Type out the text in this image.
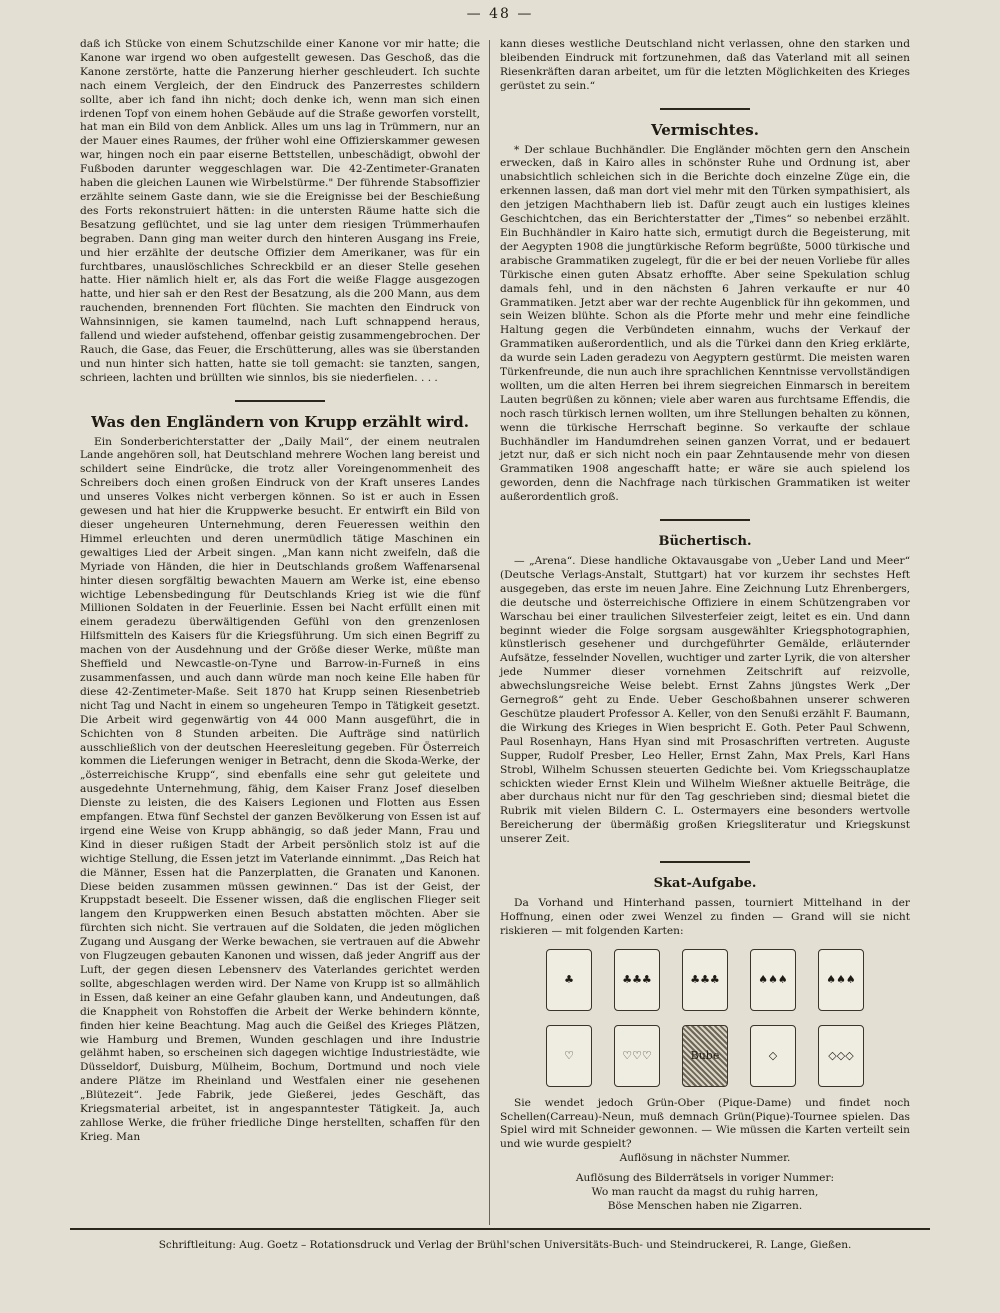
— 48 —

daß ich Stücke von einem Schutzschilde einer Kanone vor mir hatte; die Kanone war irgend wo oben aufgestellt gewesen. Das Geschoß, das die Kanone zerstörte, hatte die Panzerung hierher geschleudert. Ich suchte nach einem Vergleich, der den Eindruck des Panzerrestes schildern sollte, aber ich fand ihn nicht; doch denke ich, wenn man sich einen irdenen Topf von einem hohen Gebäude auf die Straße geworfen vorstellt, hat man ein Bild von dem Anblick. Alles um uns lag in Trümmern, nur an der Mauer eines Raumes, der früher wohl eine Offizierskammer gewesen war, hingen noch ein paar eiserne Bettstellen, unbeschädigt, obwohl der Fußboden darunter weggeschlagen war. Die 42-Zentimeter-Granaten haben die gleichen Launen wie Wirbelstürme." Der führende Stabsoffizier erzählte seinem Gaste dann, wie sie die Ereignisse bei der Beschießung des Forts rekonstruiert hätten: in die untersten Räume hatte sich die Besatzung geflüchtet, und sie lag unter dem riesigen Trümmerhaufen begraben. Dann ging man weiter durch den hinteren Ausgang ins Freie, und hier erzählte der deutsche Offizier dem Amerikaner, was für ein furchtbares, unauslöschliches Schreckbild er an dieser Stelle gesehen hatte. Hier nämlich hielt er, als das Fort die weiße Flagge ausgezogen hatte, und hier sah er den Rest der Besatzung, als die 200 Mann, aus dem rauchenden, brennenden Fort flüchten. Sie machten den Eindruck von Wahnsinnigen, sie kamen taumelnd, nach Luft schnappend heraus, fallend und wieder aufstehend, offenbar geistig zusammengebrochen. Der Rauch, die Gase, das Feuer, die Erschütterung, alles was sie überstanden und nun hinter sich hatten, hatte sie toll gemacht: sie tanzten, sangen, schrieen, lachten und brüllten wie sinnlos, bis sie niederfielen. . . .

Was den Engländern von Krupp erzählt wird.

Ein Sonderberichterstatter der „Daily Mail“, der einem neutralen Lande angehören soll, hat Deutschland mehrere Wochen lang bereist und schildert seine Eindrücke, die trotz aller Voreingenommenheit des Schreibers doch einen großen Eindruck von der Kraft unseres Landes und unseres Volkes nicht verbergen können. So ist er auch in Essen gewesen und hat hier die Kruppwerke besucht. Er entwirft ein Bild von dieser ungeheuren Unternehmung, deren Feueressen weithin den Himmel erleuchten und deren unermüdlich tätige Maschinen ein gewaltiges Lied der Arbeit singen. „Man kann nicht zweifeln, daß die Myriade von Händen, die hier in Deutschlands großem Waffenarsenal hinter diesen sorgfältig bewachten Mauern am Werke ist, eine ebenso wichtige Lebensbedingung für Deutschlands Krieg ist wie die fünf Millionen Soldaten in der Feuerlinie. Essen bei Nacht erfüllt einen mit einem geradezu überwältigenden Gefühl von den grenzenlosen Hilfsmitteln des Kaisers für die Kriegsführung. Um sich einen Begriff zu machen von der Ausdehnung und der Größe dieser Werke, müßte man Sheffield und Newcastle-on-Tyne und Barrow-in-Furneß in eins zusammenfassen, und auch dann würde man noch keine Elle haben für diese 42-Zentimeter-Maße. Seit 1870 hat Krupp seinen Riesenbetrieb nicht Tag und Nacht in einem so ungeheuren Tempo in Tätigkeit gesetzt. Die Arbeit wird gegenwärtig von 44 000 Mann ausgeführt, die in Schichten von 8 Stunden arbeiten. Die Aufträge sind natürlich ausschließlich von der deutschen Heeresleitung gegeben. Für Österreich kommen die Lieferungen weniger in Betracht, denn die Skoda-Werke, der „österreichische Krupp“, sind ebenfalls eine sehr gut geleitete und ausgedehnte Unternehmung, fähig, dem Kaiser Franz Josef dieselben Dienste zu leisten, die des Kaisers Legionen und Flotten aus Essen empfangen. Etwa fünf Sechstel der ganzen Bevölkerung von Essen ist auf irgend eine Weise von Krupp abhängig, so daß jeder Mann, Frau und Kind in dieser rußigen Stadt der Arbeit persönlich stolz ist auf die wichtige Stellung, die Essen jetzt im Vaterlande einnimmt. „Das Reich hat die Männer, Essen hat die Panzerplatten, die Granaten und Kanonen. Diese beiden zusammen müssen gewinnen.“ Das ist der Geist, der Kruppstadt beseelt. Die Essener wissen, daß die englischen Flieger seit langem den Kruppwerken einen Besuch abstatten möchten. Aber sie fürchten sich nicht. Sie vertrauen auf die Soldaten, die jeden möglichen Zugang und Ausgang der Werke bewachen, sie vertrauen auf die Abwehr von Flugzeugen gebauten Kanonen und wissen, daß jeder Angriff aus der Luft, der gegen diesen Lebensnerv des Vaterlandes gerichtet werden sollte, abgeschlagen werden wird. Der Name von Krupp ist so allmählich in Essen, daß keiner an eine Gefahr glauben kann, und Andeutungen, daß die Knappheit von Rohstoffen die Arbeit der Werke behindern könnte, finden hier keine Beachtung. Mag auch die Geißel des Krieges Plätzen, wie Hamburg und Bremen, Wunden geschlagen und ihre Industrie gelähmt haben, so erscheinen sich dagegen wichtige Industriestädte, wie Düsseldorf, Duisburg, Mülheim, Bochum, Dortmund und noch viele andere Plätze im Rheinland und Westfalen einer nie gesehenen „Blütezeit“. Jede Fabrik, jede Gießerei, jedes Geschäft, das Kriegsmaterial arbeitet, ist in angespanntester Tätigkeit. Ja, auch zahllose Werke, die früher friedliche Dinge herstellten, schaffen für den Krieg. Man

kann dieses westliche Deutschland nicht verlassen, ohne den starken und bleibenden Eindruck mit fortzunehmen, daß das Vaterland mit all seinen Riesenkräften daran arbeitet, um für die letzten Möglichkeiten des Krieges gerüstet zu sein.“

Vermischtes.

* Der schlaue Buchhändler. Die Engländer möchten gern den Anschein erwecken, daß in Kairo alles in schönster Ruhe und Ordnung ist, aber unabsichtlich schleichen sich in die Berichte doch einzelne Züge ein, die erkennen lassen, daß man dort viel mehr mit den Türken sympathisiert, als den jetzigen Machthabern lieb ist. Dafür zeugt auch ein lustiges kleines Geschichtchen, das ein Berichterstatter der „Times“ so nebenbei erzählt. Ein Buchhändler in Kairo hatte sich, ermutigt durch die Begeisterung, mit der Aegypten 1908 die jungtürkische Reform begrüßte, 5000 türkische und arabische Grammatiken zugelegt, für die er bei der neuen Vorliebe für alles Türkische einen guten Absatz erhoffte. Aber seine Spekulation schlug damals fehl, und in den nächsten 6 Jahren verkaufte er nur 40 Grammatiken. Jetzt aber war der rechte Augenblick für ihn gekommen, und sein Weizen blühte. Schon als die Pforte mehr und mehr eine feindliche Haltung gegen die Verbündeten einnahm, wuchs der Verkauf der Grammatiken außerordentlich, und als die Türkei dann den Krieg erklärte, da wurde sein Laden geradezu von Aegyptern gestürmt. Die meisten waren Türkenfreunde, die nun auch ihre sprachlichen Kenntnisse vervollständigen wollten, um die alten Herren bei ihrem siegreichen Einmarsch in bereitem Lauten begrüßen zu können; viele aber waren aus furchtsame Effendis, die noch rasch türkisch lernen wollten, um ihre Stellungen behalten zu können, wenn die türkische Herrschaft beginne. So verkaufte der schlaue Buchhändler im Handumdrehen seinen ganzen Vorrat, und er bedauert jetzt nur, daß er sich nicht noch ein paar Zehntausende mehr von diesen Grammatiken 1908 angeschafft hatte; er wäre sie auch spielend los geworden, denn die Nachfrage nach türkischen Grammatiken ist weiter außerordentlich groß.

Büchertisch.

— „Arena“. Diese handliche Oktavausgabe von „Ueber Land und Meer“ (Deutsche Verlags-Anstalt, Stuttgart) hat vor kurzem ihr sechstes Heft ausgegeben, das erste im neuen Jahre. Eine Zeichnung Lutz Ehrenbergers, die deutsche und österreichische Offiziere in einem Schützengraben vor Warschau bei einer traulichen Silvesterfeier zeigt, leitet es ein. Und dann beginnt wieder die Folge sorgsam ausgewählter Kriegsphotographien, künstlerisch gesehener und durchgeführter Gemälde, erläuternder Aufsätze, fesselnder Novellen, wuchtiger und zarter Lyrik, die von altersher jede Nummer dieser vornehmen Zeitschrift auf reizvolle, abwechslungsreiche Weise belebt. Ernst Zahns jüngstes Werk „Der Gernegroß“ geht zu Ende. Ueber Geschoßbahnen unserer schweren Geschütze plaudert Professor A. Keller, von den Senußi erzählt F. Baumann, die Wirkung des Krieges in Wien bespricht E. Goth. Peter Paul Schwenn, Paul Rosenhayn, Hans Hyan sind mit Prosaschriften vertreten. Auguste Supper, Rudolf Presber, Leo Heller, Ernst Zahn, Max Prels, Karl Hans Strobl, Wilhelm Schussen steuerten Gedichte bei. Vom Kriegsschauplatze schickten wieder Ernst Klein und Wilhelm Wießner aktuelle Beiträge, die aber durchaus nicht nur für den Tag geschrieben sind; diesmal bietet die Rubrik mit vielen Bildern C. L. Ostermayers eine besonders wertvolle Bereicherung der übermäßig großen Kriegsliteratur und Kriegskunst unserer Zeit.

Skat-Aufgabe.

Da Vorhand und Hinterhand passen, tourniert Mittelhand in der Hoffnung, einen oder zwei Wenzel zu finden — Grand will sie nicht riskieren — mit folgenden Karten:

♣	♣♣♣	♣♣♣	♠♠♠	♠♠♠
♡	♡♡♡	Bube	◇	◇◇◇

Sie wendet jedoch Grün-Ober (Pique-Dame) und findet noch Schellen(Carreau)-Neun, muß demnach Grün(Pique)-Tournee spielen. Das Spiel wird mit Schneider gewonnen. — Wie müssen die Karten verteilt sein und wie wurde gespielt?

Auflösung in nächster Nummer.

Auflösung des Bilderrätsels in voriger Nummer:

Wo man raucht da magst du ruhig harren,

Böse Menschen haben nie Zigarren.

Schriftleitung: Aug. Goetz – Rotationsdruck und Verlag der Brühl'schen Universitäts-Buch- und Steindruckerei, R. Lange, Gießen.
